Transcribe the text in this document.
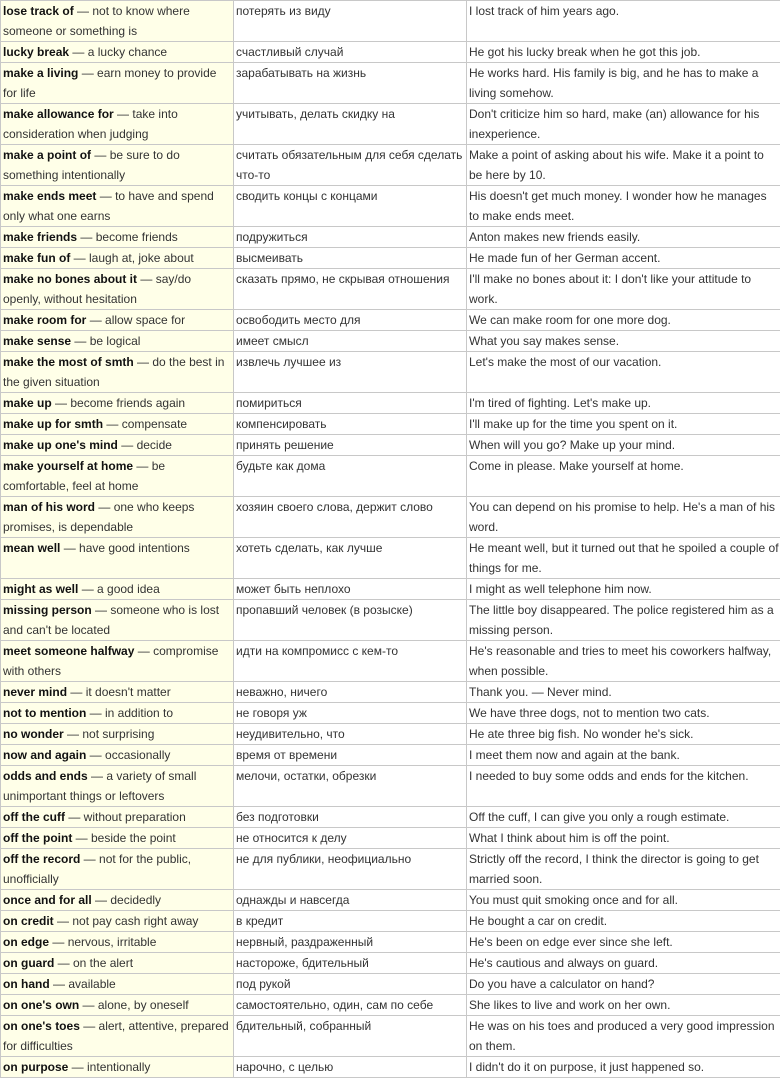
lose track of — not to know where someone or something is	потерять из виду	I lost track of him years ago.
lucky break — a lucky chance	счастливый случай	He got his lucky break when he got this job.
make a living — earn money to provide for life	зарабатывать на жизнь	He works hard. His family is big, and he has to make a living somehow.
make allowance for — take into consideration when judging	учитывать, делать скидку на	Don't criticize him so hard, make (an) allowance for his inexperience.
make a point of — be sure to do something intentionally	считать обязательным для себя сделать что-то	Make a point of asking about his wife. Make it a point to be here by 10.
make ends meet — to have and spend only what one earns	сводить концы с концами	His doesn't get much money. I wonder how he manages to make ends meet.
make friends — become friends	подружиться	Anton makes new friends easily.
make fun of — laugh at, joke about	высмеивать	He made fun of her German accent.
make no bones about it — say/do openly, without hesitation	сказать прямо, не скрывая отношения	I'll make no bones about it: I don't like your attitude to work.
make room for — allow space for	освободить место для	We can make room for one more dog.
make sense — be logical	имеет смысл	What you say makes sense.
make the most of smth — do the best in the given situation	извлечь лучшее из	Let's make the most of our vacation.
make up — become friends again	помириться	I'm tired of fighting. Let's make up.
make up for smth — compensate	компенсировать	I'll make up for the time you spent on it.
make up one's mind — decide	принять решение	When will you go? Make up your mind.
make yourself at home — be comfortable, feel at home	будьте как дома	Come in please. Make yourself at home.
man of his word — one who keeps promises, is dependable	хозяин своего слова, держит слово	You can depend on his promise to help. He's a man of his word.
mean well — have good intentions	хотеть сделать, как лучше	He meant well, but it turned out that he spoiled a couple of things for me.
might as well — a good idea	может быть неплохо	I might as well telephone him now.
missing person — someone who is lost and can't be located	пропавший человек (в розыске)	The little boy disappeared. The police registered him as a missing person.
meet someone halfway — compromise with others	идти на компромисс с кем-то	He's reasonable and tries to meet his coworkers halfway, when possible.
never mind — it doesn't matter	неважно, ничего	Thank you. — Never mind.
not to mention — in addition to	не говоря уж	We have three dogs, not to mention two cats.
no wonder — not surprising	неудивительно, что	He ate three big fish. No wonder he's sick.
now and again — occasionally	время от времени	I meet them now and again at the bank.
odds and ends — a variety of small unimportant things or leftovers	мелочи, остатки, обрезки	I needed to buy some odds and ends for the kitchen.
off the cuff — without preparation	без подготовки	Off the cuff, I can give you only a rough estimate.
off the point — beside the point	не относится к делу	What I think about him is off the point.
off the record — not for the public, unofficially	не для публики, неофициально	Strictly off the record, I think the director is going to get married soon.
once and for all — decidedly	однажды и навсегда	You must quit smoking once and for all.
on credit — not pay cash right away	в кредит	He bought a car on credit.
on edge — nervous, irritable	нервный, раздраженный	He's been on edge ever since she left.
on guard — on the alert	настороже, бдительный	He's cautious and always on guard.
on hand — available	под рукой	Do you have a calculator on hand?
on one's own — alone, by oneself	самостоятельно, один, сам по себе	She likes to live and work on her own.
on one's toes — alert, attentive, prepared for difficulties	бдительный, собранный	He was on his toes and produced a very good impression on them.
on purpose — intentionally	нарочно, с целью	I didn't do it on purpose, it just happened so.
